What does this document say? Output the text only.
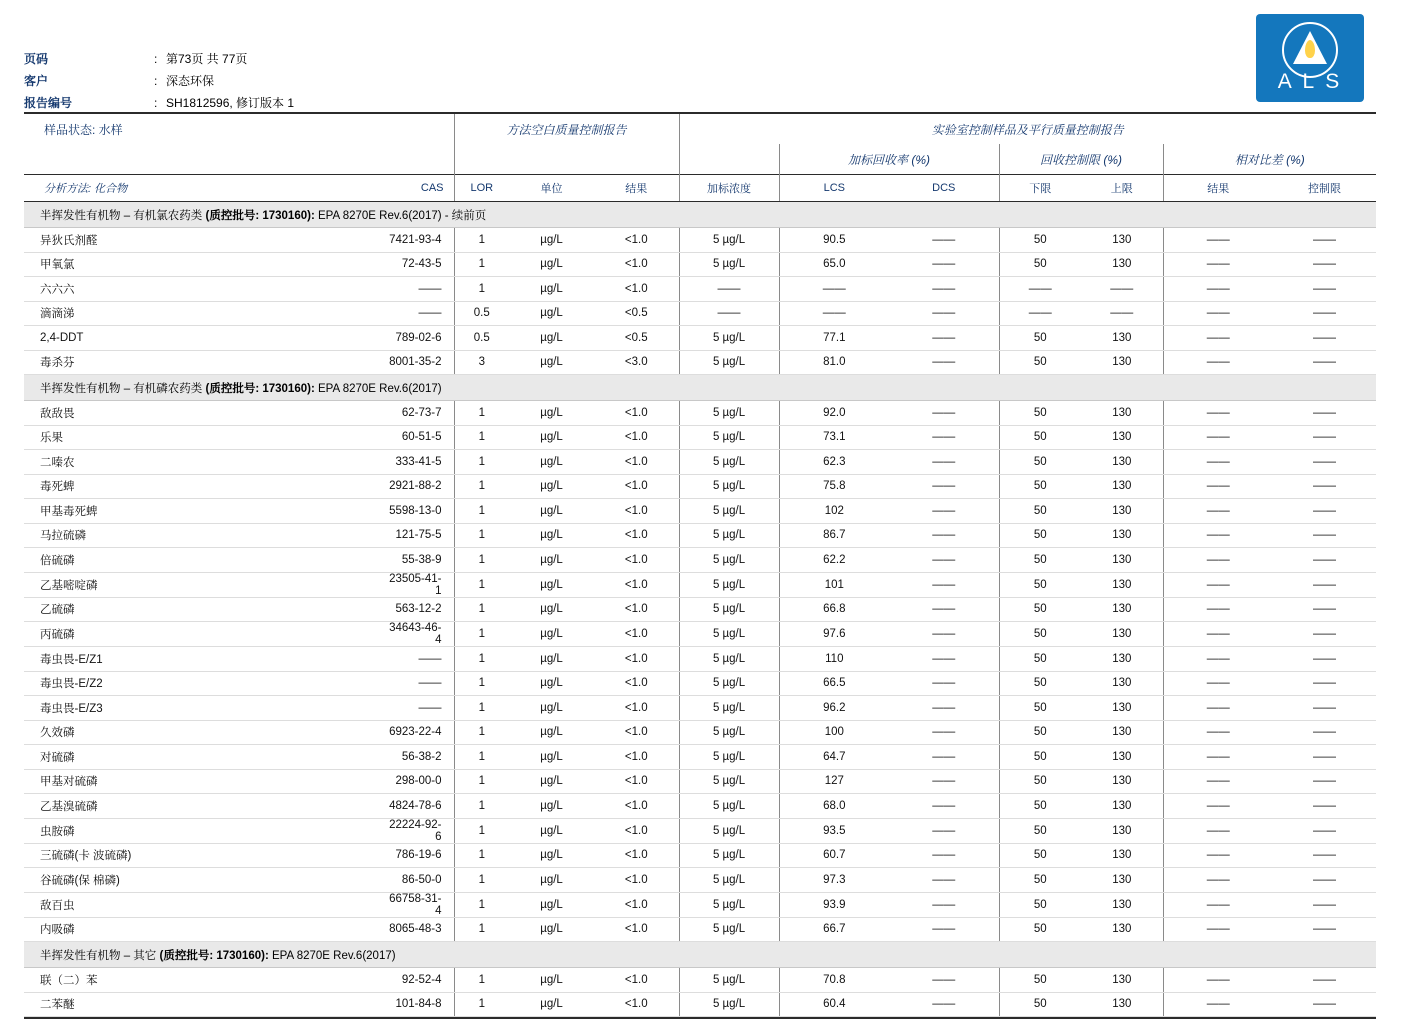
页码	: 第73页 共 77页
客户	: 深态环保
报告编号	: SH1812596, 修订版本 1
A L S
样品状态: 水样		方法空白质量控制报告			实验室控制样品及平行质量控制报告						
						加标回收率 (%)		回收控制限 (%)		相对比差 (%)	
分析方法: 化合物	CAS	LOR	单位	结果	加标浓度	LCS	DCS	下限	上限	结果	控制限
半挥发性有机物 – 有机氯农药类 (质控批号: 1730160): EPA 8270E Rev.6(2017) - 续前页											
异狄氏剂醛	7421-93-4	1	µg/L	<1.0	5 µg/L	90.5	——	50	130	——	——
甲氧氯	72-43-5	1	µg/L	<1.0	5 µg/L	65.0	——	50	130	——	——
六六六	——	1	µg/L	<1.0	——	——	——	——	——	——	——
滴滴涕	——	0.5	µg/L	<0.5	——	——	——	——	——	——	——
2,4-DDT	789-02-6	0.5	µg/L	<0.5	5 µg/L	77.1	——	50	130	——	——
毒杀芬	8001-35-2	3	µg/L	<3.0	5 µg/L	81.0	——	50	130	——	——
半挥发性有机物 – 有机磷农药类 (质控批号: 1730160): EPA 8270E Rev.6(2017)											
敌敌畏	62-73-7	1	µg/L	<1.0	5 µg/L	92.0	——	50	130	——	——
乐果	60-51-5	1	µg/L	<1.0	5 µg/L	73.1	——	50	130	——	——
二嗪农	333-41-5	1	µg/L	<1.0	5 µg/L	62.3	——	50	130	——	——
毒死蜱	2921-88-2	1	µg/L	<1.0	5 µg/L	75.8	——	50	130	——	——
甲基毒死蜱	5598-13-0	1	µg/L	<1.0	5 µg/L	102	——	50	130	——	——
马拉硫磷	121-75-5	1	µg/L	<1.0	5 µg/L	86.7	——	50	130	——	——
倍硫磷	55-38-9	1	µg/L	<1.0	5 µg/L	62.2	——	50	130	——	——
乙基嘧啶磷	23505-41-1	1	µg/L	<1.0	5 µg/L	101	——	50	130	——	——
乙硫磷	563-12-2	1	µg/L	<1.0	5 µg/L	66.8	——	50	130	——	——
丙硫磷	34643-46-4	1	µg/L	<1.0	5 µg/L	97.6	——	50	130	——	——
毒虫畏-E/Z1	——	1	µg/L	<1.0	5 µg/L	110	——	50	130	——	——
毒虫畏-E/Z2	——	1	µg/L	<1.0	5 µg/L	66.5	——	50	130	——	——
毒虫畏-E/Z3	——	1	µg/L	<1.0	5 µg/L	96.2	——	50	130	——	——
久效磷	6923-22-4	1	µg/L	<1.0	5 µg/L	100	——	50	130	——	——
对硫磷	56-38-2	1	µg/L	<1.0	5 µg/L	64.7	——	50	130	——	——
甲基对硫磷	298-00-0	1	µg/L	<1.0	5 µg/L	127	——	50	130	——	——
乙基溴硫磷	4824-78-6	1	µg/L	<1.0	5 µg/L	68.0	——	50	130	——	——
虫胺磷	22224-92-6	1	µg/L	<1.0	5 µg/L	93.5	——	50	130	——	——
三硫磷(卡 波硫磷)	786-19-6	1	µg/L	<1.0	5 µg/L	60.7	——	50	130	——	——
谷硫磷(保 棉磷)	86-50-0	1	µg/L	<1.0	5 µg/L	97.3	——	50	130	——	——
敌百虫	66758-31-4	1	µg/L	<1.0	5 µg/L	93.9	——	50	130	——	——
内吸磷	8065-48-3	1	µg/L	<1.0	5 µg/L	66.7	——	50	130	——	——
半挥发性有机物 – 其它 (质控批号: 1730160): EPA 8270E Rev.6(2017)											
联（二）苯	92-52-4	1	µg/L	<1.0	5 µg/L	70.8	——	50	130	——	——
二苯醚	101-84-8	1	µg/L	<1.0	5 µg/L	60.4	——	50	130	——	——
